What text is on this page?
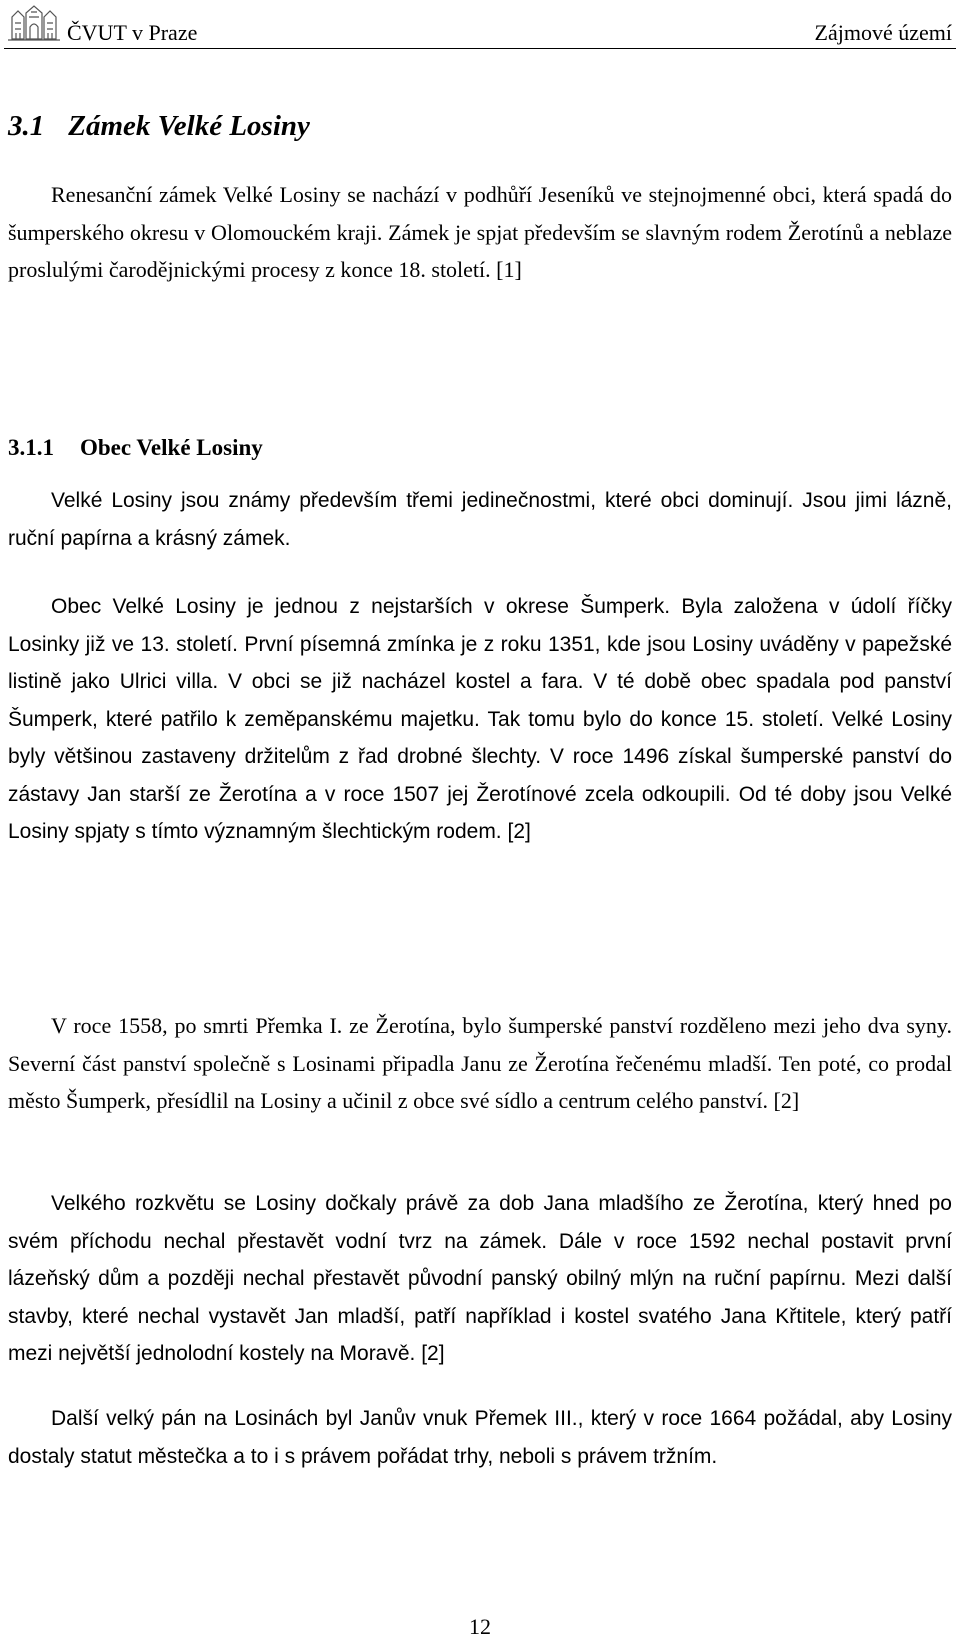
ČVUT v Praze	Zájmové území
3.1 Zámek Velké Losiny

Renesanční zámek Velké Losiny se nachází v podhůří Jeseníků ve stejnojmenné obci, která spadá do šumperského okresu v Olomouckém kraji. Zámek je spjat především se slavným rodem Žerotínů a neblaze proslulými čarodějnickými procesy z konce 18. století. [1]

3.1.1 Obec Velké Losiny

Velké Losiny jsou známy především třemi jedinečnostmi, které obci dominují. Jsou jimi lázně, ruční papírna a krásný zámek.

Obec Velké Losiny je jednou z nejstarších v okrese Šumperk. Byla založena v údolí říčky Losinky již ve 13. století. První písemná zmínka je z roku 1351, kde jsou Losiny uváděny v papežské listině jako Ulrici villa. V obci se již nacházel kostel a fara. V té době obec spadala pod panství Šumperk, které patřilo k zeměpanskému majetku. Tak tomu bylo do konce 15. století. Velké Losiny byly většinou zastaveny držitelům z řad drobné šlechty. V roce 1496 získal šumperské panství do zástavy Jan starší ze Žerotína a v roce 1507 jej Žerotínové zcela odkoupili. Od té doby jsou Velké Losiny spjaty s tímto významným šlechtickým rodem. [2]

V roce 1558, po smrti Přemka I. ze Žerotína, bylo šumperské panství rozděleno mezi jeho dva syny. Severní část panství společně s Losinami připadla Janu ze Žerotína řečenému mladší. Ten poté, co prodal město Šumperk, přesídlil na Losiny a učinil z obce své sídlo a centrum celého panství. [2]

Velkého rozkvětu se Losiny dočkaly právě za dob Jana mladšího ze Žerotína, který hned po svém příchodu nechal přestavět vodní tvrz na zámek. Dále v roce 1592 nechal postavit první lázeňský dům a později nechal přestavět původní panský obilný mlýn na ruční papírnu. Mezi další stavby, které nechal vystavět Jan mladší, patří například i kostel svatého Jana Křtitele, který patří mezi největší jednolodní kostely na Moravě. [2]

Další velký pán na Losinách byl Janův vnuk Přemek III., který v roce 1664 požádal, aby Losiny dostaly statut městečka a to i s právem pořádat trhy, neboli s právem tržním.

12
